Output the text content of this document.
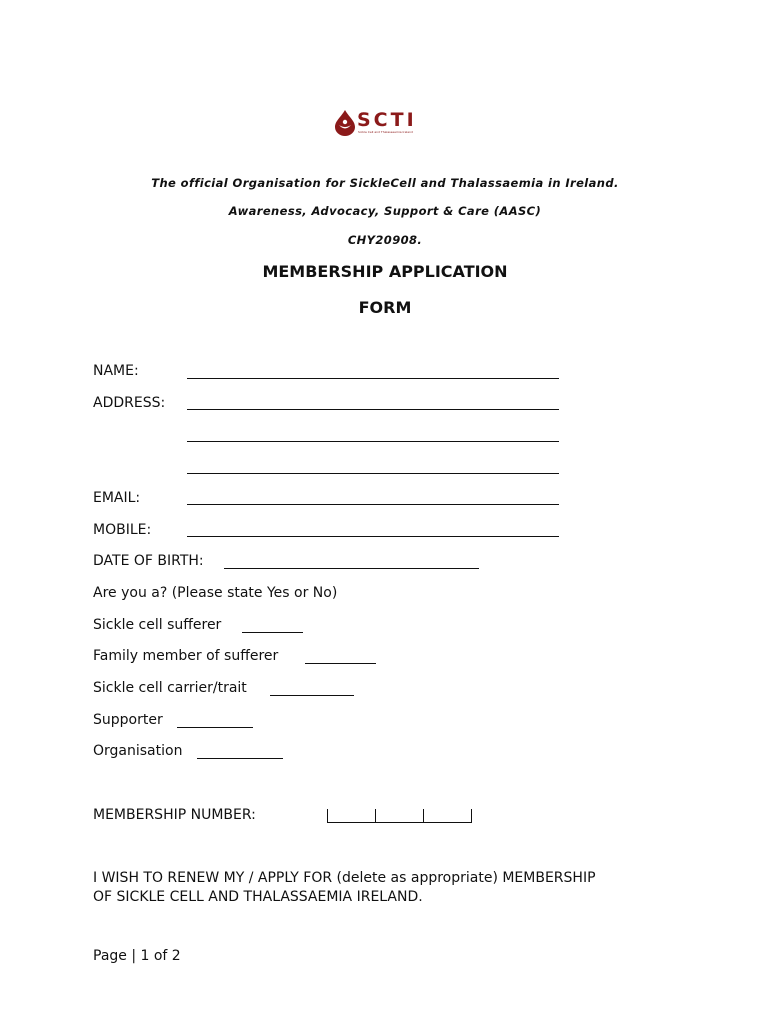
SCTI
Sickle Cell and Thalassaemia Ireland
The official Organisation for SickleCell and Thalassaemia in Ireland.
Awareness, Advocacy, Support & Care (AASC)
CHY20908.
MEMBERSHIP APPLICATION
FORM
NAME:
ADDRESS:
EMAIL:
MOBILE:
DATE OF BIRTH:
Are you a? (Please state Yes or No)
Sickle cell sufferer
Family member of sufferer
Sickle cell carrier/trait
Supporter
Organisation
MEMBERSHIP NUMBER:
I WISH TO RENEW MY / APPLY FOR (delete as appropriate) MEMBERSHIP
OF SICKLE CELL AND THALASSAEMIA IRELAND.
Page | 1 of 2
